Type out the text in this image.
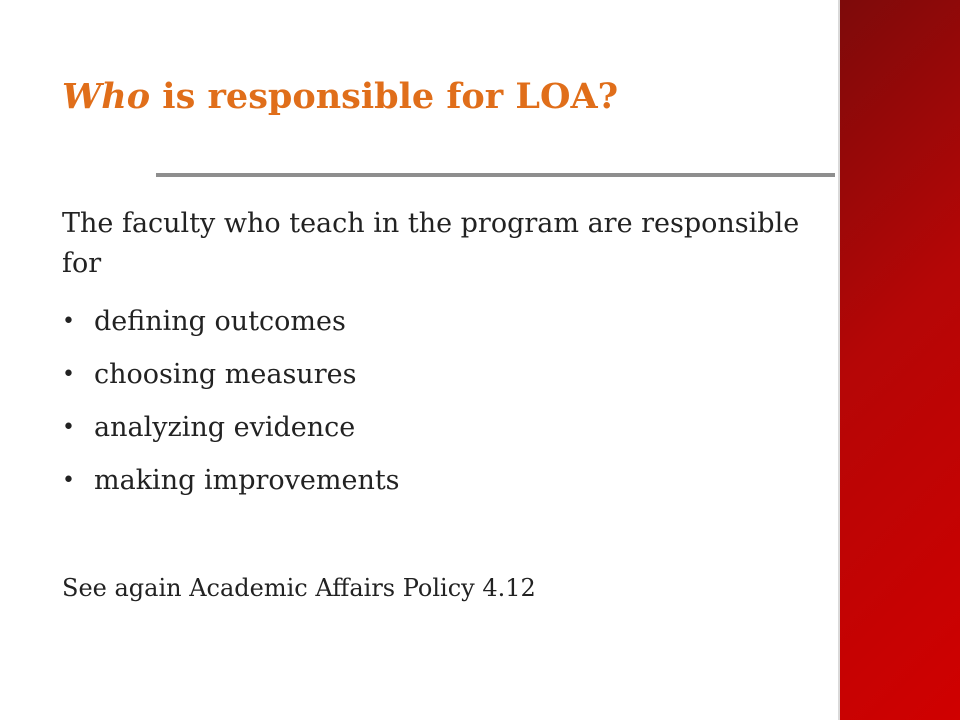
Who is responsible for LOA?
The faculty who teach in the program are responsible for
• defining outcomes
• choosing measures
• analyzing evidence
• making improvements
See again Academic Affairs Policy 4.12
